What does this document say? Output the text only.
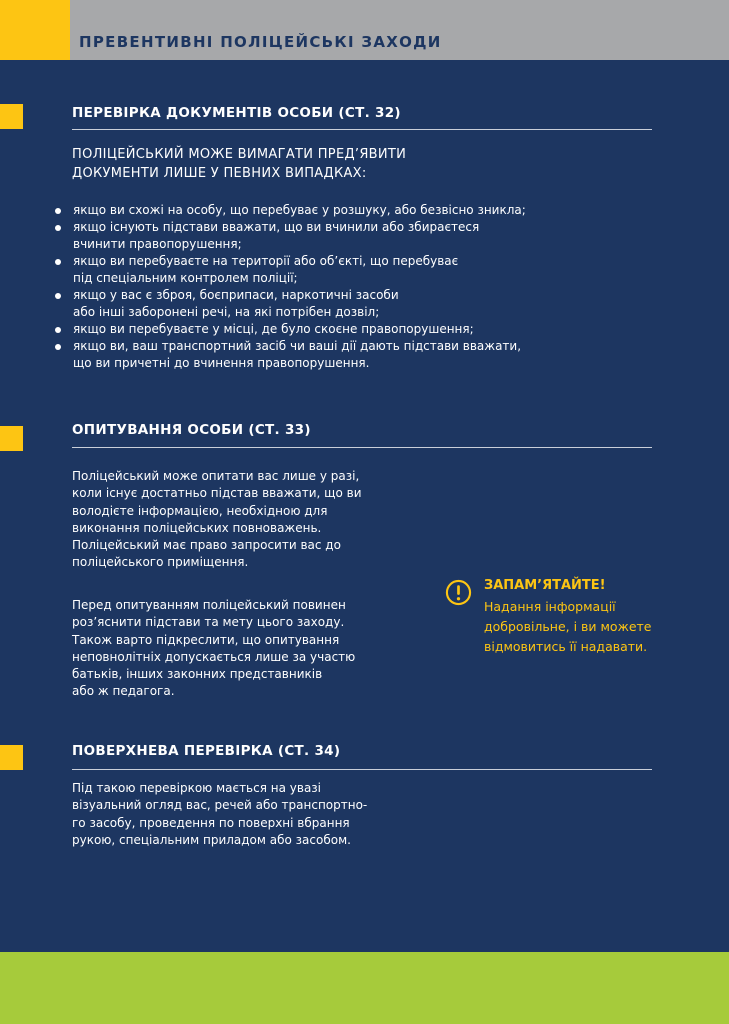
ПРЕВЕНТИВНІ ПОЛІЦЕЙСЬКІ ЗАХОДИ
ПЕРЕВІРКА ДОКУМЕНТІВ ОСОБИ (СТ. 32)
ПОЛІЦЕЙСЬКИЙ МОЖЕ ВИМАГАТИ ПРЕД’ЯВИТИ
ДОКУМЕНТИ ЛИШЕ У ПЕВНИХ ВИПАДКАХ:
якщо ви схожі на особу, що перебуває у розшуку, або безвісно зникла;
якщо існують підстави вважати, що ви вчинили або збираєтеся
вчинити правопорушення;
якщо ви перебуваєте на території або об’єкті, що перебуває
під спеціальним контролем поліції;
якщо у вас є зброя, боєприпаси, наркотичні засоби
або інші заборонені речі, на які потрібен дозвіл;
якщо ви перебуваєте у місці, де було скоєне правопорушення;
якщо ви, ваш транспортний засіб чи ваші дії дають підстави вважати,
що ви причетні до вчинення правопорушення.
ОПИТУВАННЯ ОСОБИ (СТ. 33)
Поліцейський може опитати вас лише у разі,
коли існує достатньо підстав вважати, що ви
володієте інформацією, необхідною для
виконання поліцейських повноважень.
Поліцейський має право запросити вас до
поліцейського приміщення.
Перед опитуванням поліцейський повинен
роз’яснити підстави та мету цього заходу.
Також варто підкреслити, що опитування
неповнолітніх допускається лише за участю
батьків, інших законних представників
або ж педагога.
ЗАПАМ’ЯТАЙТЕ!
Надання інформації
добровільне, і ви можете
відмовитись її надавати.
ПОВЕРХНЕВА ПЕРЕВІРКА (СТ. 34)
Під такою перевіркою мається на увазі
візуальний огляд вас, речей або транспортно-
го засобу, проведення по поверхні вбрання
рукою, спеціальним приладом або засобом.
